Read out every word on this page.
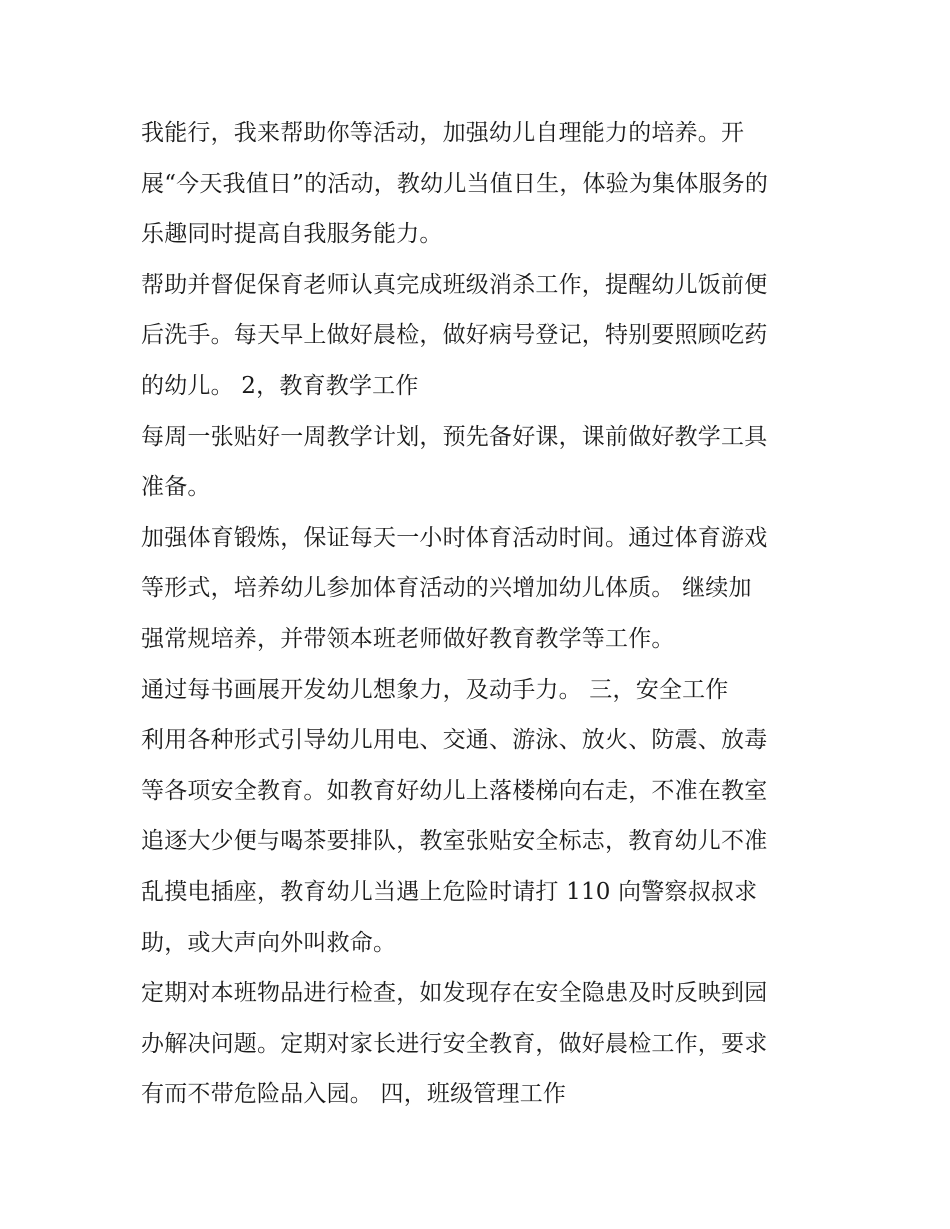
我能行，我来帮助你等活动，加强幼儿自理能力的培养。开
展“今天我值日”的活动，教幼儿当值日生，体验为集体服务的
乐趣同时提高自我服务能力。
帮助并督促保育老师认真完成班级消杀工作，提醒幼儿饭前便
后洗手。每天早上做好晨检，做好病号登记，特别要照顾吃药
的幼儿。 2，教育教学工作
每周一张贴好一周教学计划，预先备好课，课前做好教学工具
准备。
加强体育锻炼，保证每天一小时体育活动时间。通过体育游戏
等形式，培养幼儿参加体育活动的兴增加幼儿体质。 继续加
强常规培养，并带领本班老师做好教育教学等工作。
通过每书画展开发幼儿想象力，及动手力。 三，安全工作
利用各种形式引导幼儿用电、交通、游泳、放火、防震、放毒
等各项安全教育。如教育好幼儿上落楼梯向右走，不准在教室
追逐大少便与喝茶要排队，教室张贴安全标志，教育幼儿不准
乱摸电插座，教育幼儿当遇上危险时请打 110 向警察叔叔求
助，或大声向外叫救命。
定期对本班物品进行检查，如发现存在安全隐患及时反映到园
办解决问题。定期对家长进行安全教育，做好晨检工作，要求
有而不带危险品入园。 四，班级管理工作
